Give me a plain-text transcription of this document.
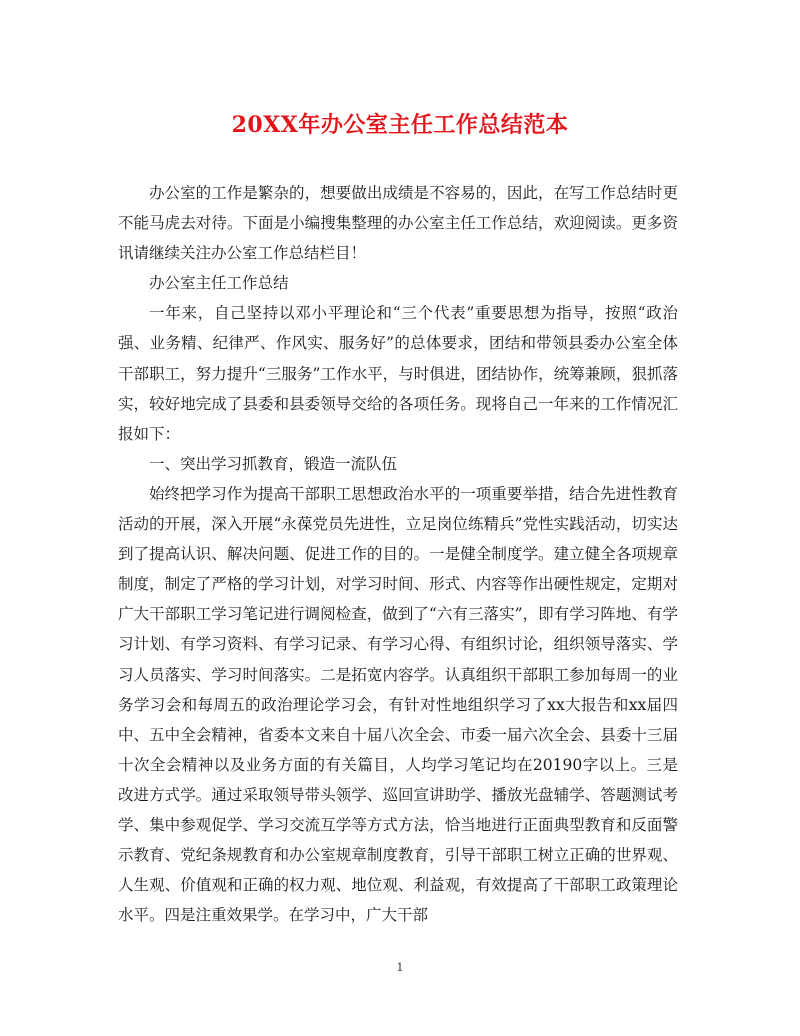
20XX年办公室主任工作总结范本

办公室的工作是繁杂的，想要做出成绩是不容易的，因此，在写工作总结时更不能马虎去对待。下面是小编搜集整理的办公室主任工作总结，欢迎阅读。更多资讯请继续关注办公室工作总结栏目！

办公室主任工作总结

一年来，自己坚持以邓小平理论和“三个代表”重要思想为指导，按照“政治强、业务精、纪律严、作风实、服务好”的总体要求，团结和带领县委办公室全体干部职工，努力提升“三服务”工作水平，与时俱进，团结协作，统筹兼顾，狠抓落实，较好地完成了县委和县委领导交给的各项任务。现将自己一年来的工作情况汇报如下：

一、突出学习抓教育，锻造一流队伍

始终把学习作为提高干部职工思想政治水平的一项重要举措，结合先进性教育活动的开展，深入开展“永葆党员先进性，立足岗位练精兵”党性实践活动，切实达到了提高认识、解决问题、促进工作的目的。一是健全制度学。建立健全各项规章制度，制定了严格的学习计划，对学习时间、形式、内容等作出硬性规定，定期对广大干部职工学习笔记进行调阅检查，做到了“六有三落实”，即有学习阵地、有学习计划、有学习资料、有学习记录、有学习心得、有组织讨论，组织领导落实、学习人员落实、学习时间落实。二是拓宽内容学。认真组织干部职工参加每周一的业务学习会和每周五的政治理论学习会，有针对性地组织学习了xx大报告和xx届四中、五中全会精神，省委本文来自十届八次全会、市委一届六次全会、县委十三届十次全会精神以及业务方面的有关篇目，人均学习笔记均在20190字以上。三是改进方式学。通过采取领导带头领学、巡回宣讲助学、播放光盘辅学、答题测试考学、集中参观促学、学习交流互学等方式方法，恰当地进行正面典型教育和反面警示教育、党纪条规教育和办公室规章制度教育，引导干部职工树立正确的世界观、人生观、价值观和正确的权力观、地位观、利益观，有效提高了干部职工政策理论水平。四是注重效果学。在学习中，广大干部

1
